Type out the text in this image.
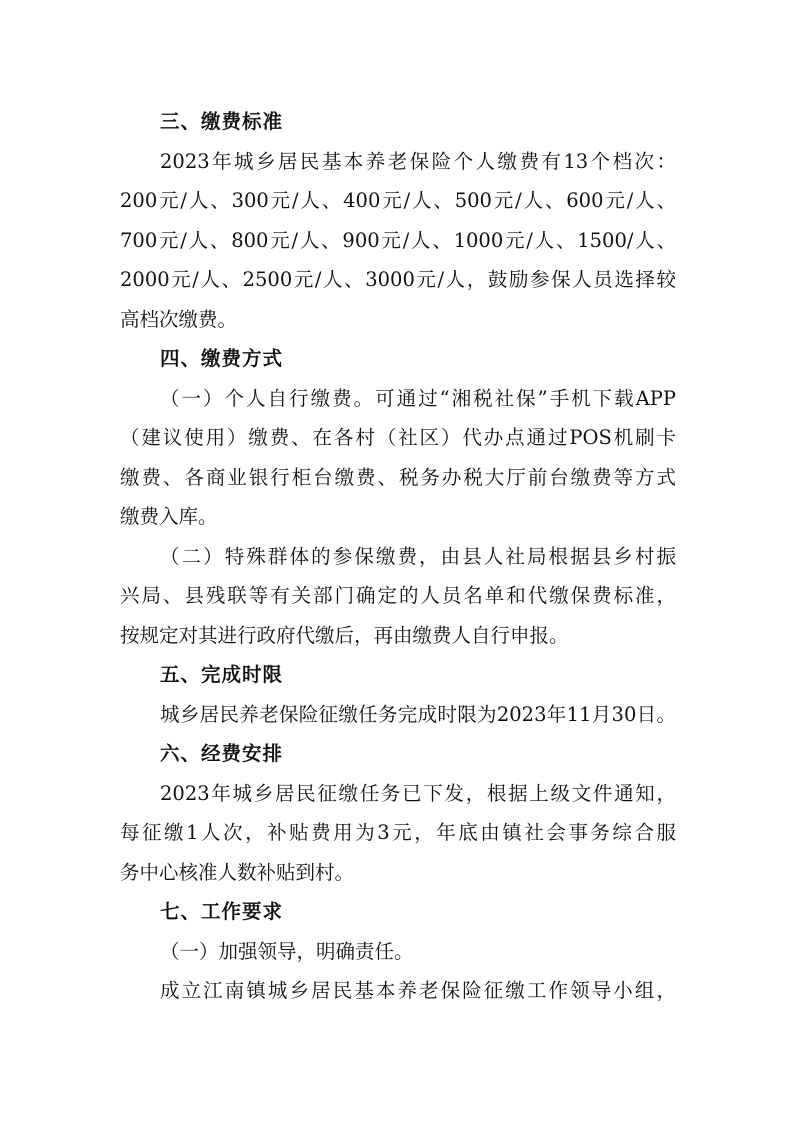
三、缴费标准
2023年城乡居民基本养老保险个人缴费有13个档次：
200元/人、300元/人、400元/人、500元/人、600元/人、
700元/人、800元/人、900元/人、1000元/人、1500/人、
2000元/人、2500元/人、3000元/人，鼓励参保人员选择较
高档次缴费。
四、缴费方式
（一）个人自行缴费。可通过“湘税社保”手机下载APP
（建议使用）缴费、在各村（社区）代办点通过POS机刷卡
缴费、各商业银行柜台缴费、税务办税大厅前台缴费等方式
缴费入库。
（二）特殊群体的参保缴费，由县人社局根据县乡村振
兴局、县残联等有关部门确定的人员名单和代缴保费标准，
按规定对其进行政府代缴后，再由缴费人自行申报。
五、完成时限
城乡居民养老保险征缴任务完成时限为2023年11月30日。
六、经费安排
2023年城乡居民征缴任务已下发，根据上级文件通知，
每征缴1人次，补贴费用为3元，年底由镇社会事务综合服
务中心核准人数补贴到村。
七、工作要求
（一）加强领导，明确责任。
成立江南镇城乡居民基本养老保险征缴工作领导小组，
